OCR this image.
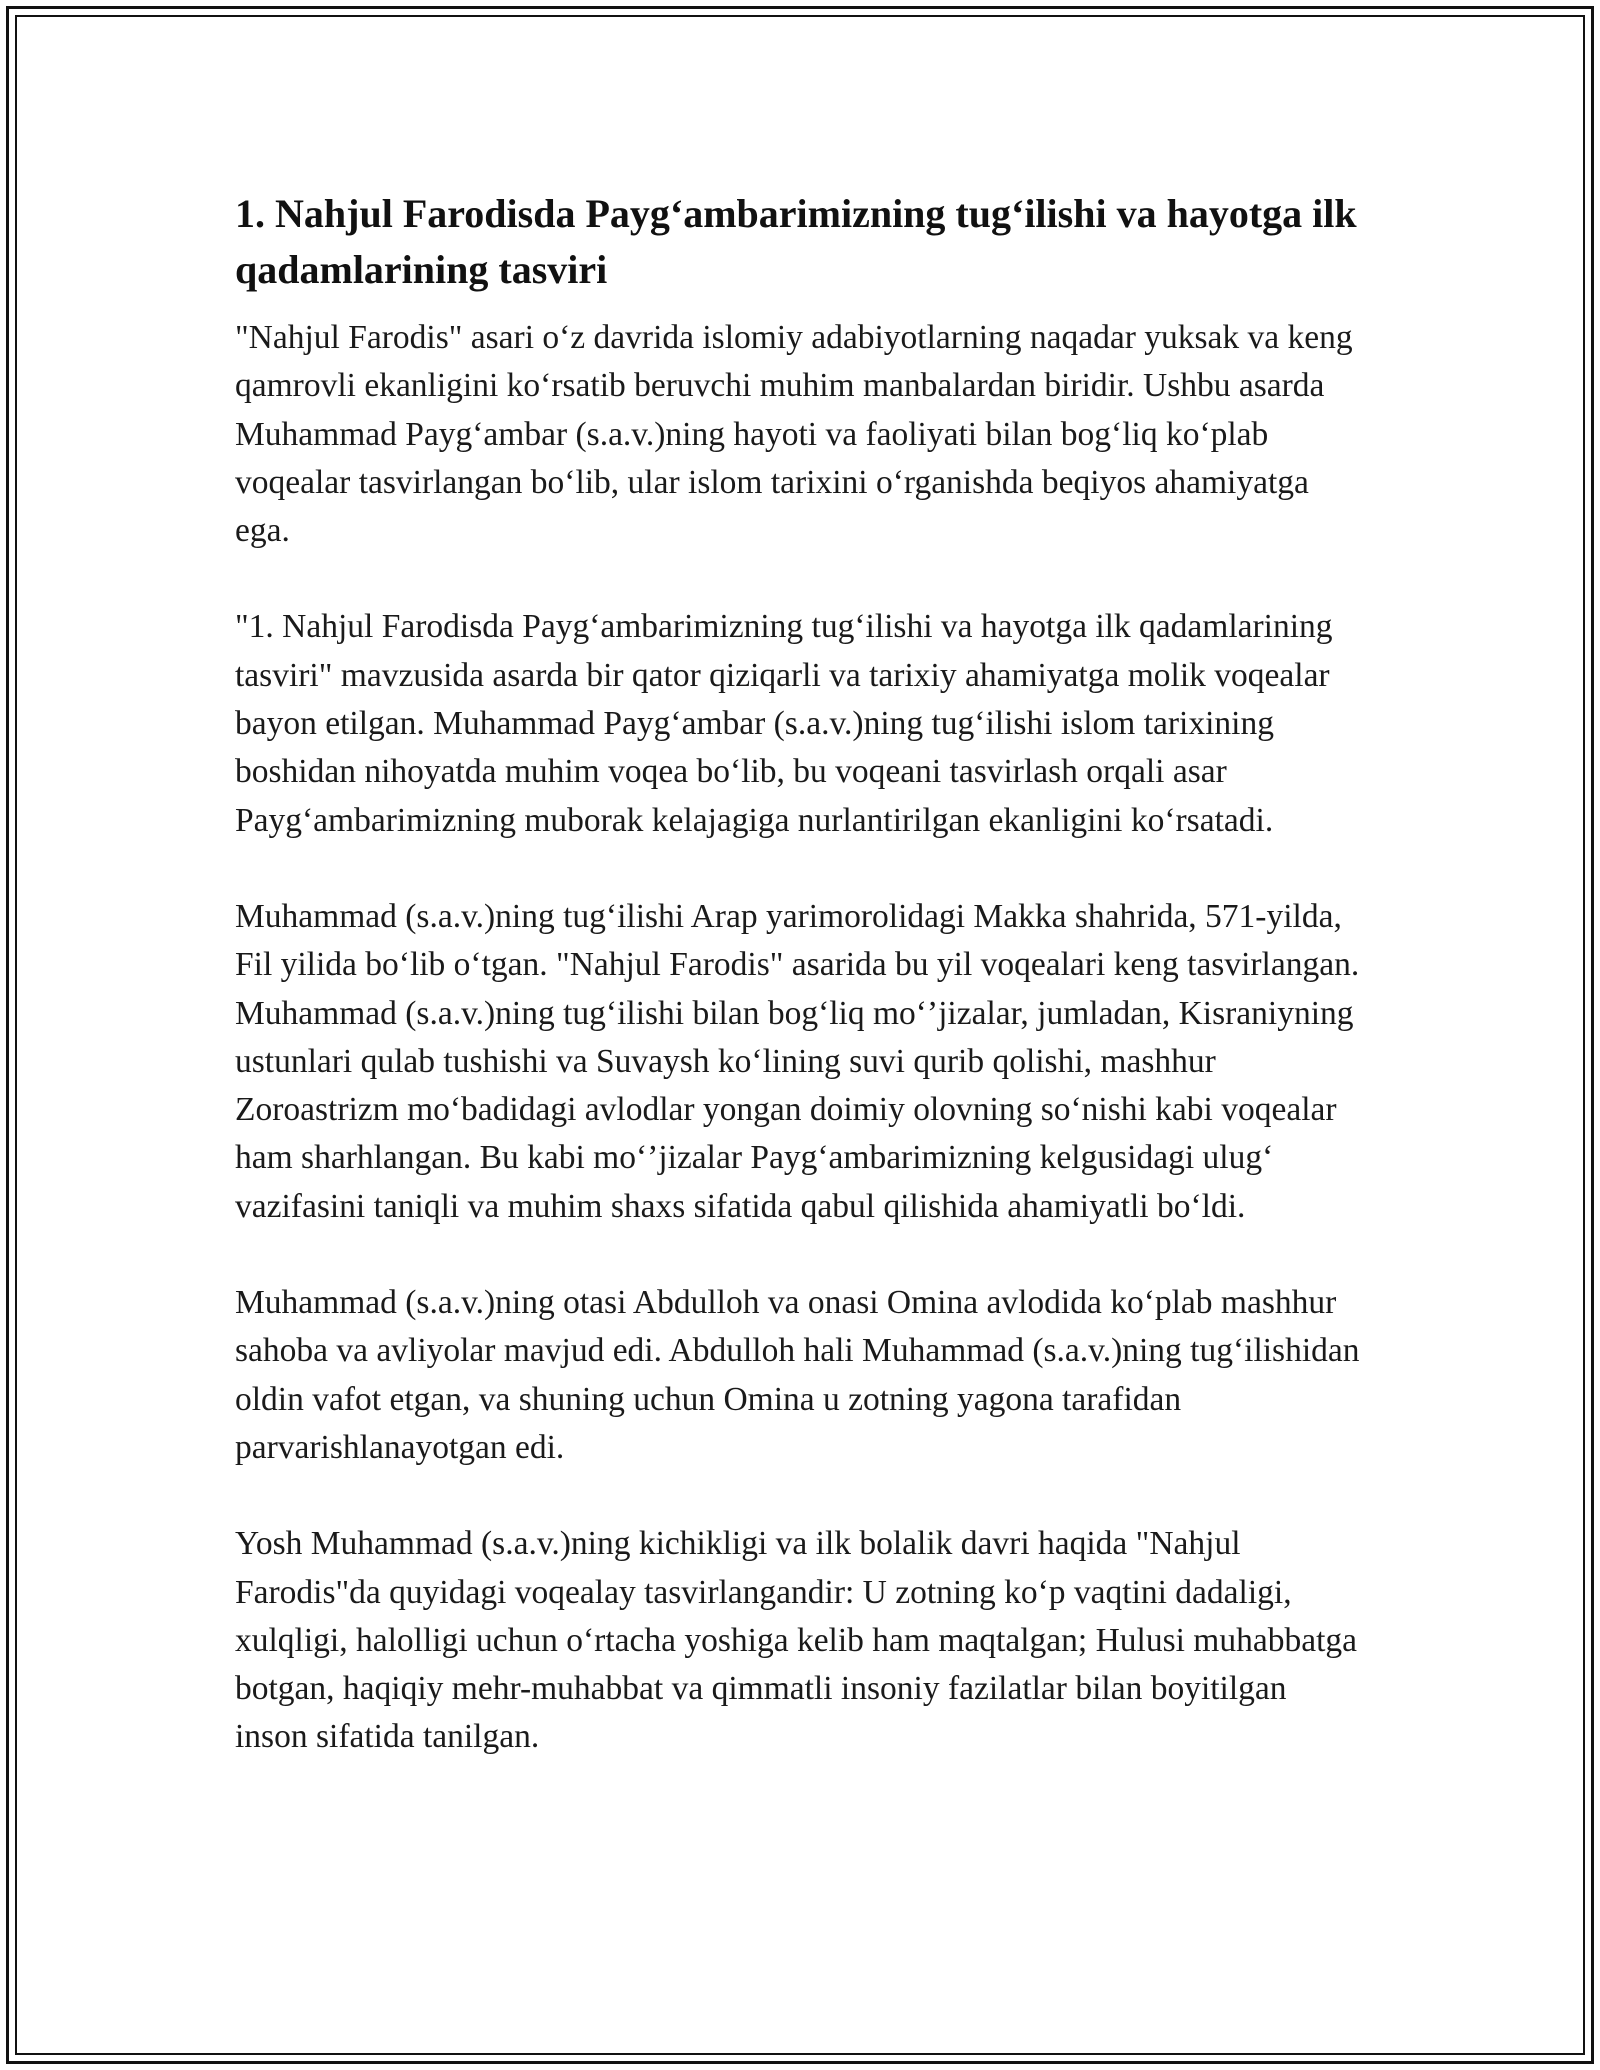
1. Nahjul Farodisda Payg‘ambarimizning tug‘ilishi va hayotga ilk qadamlarining tasviri

"Nahjul Farodis" asari o‘z davrida islomiy adabiyotlarning naqadar yuksak va keng qamrovli ekanligini ko‘rsatib beruvchi muhim manbalardan biridir. Ushbu asarda Muhammad Payg‘ambar (s.a.v.)ning hayoti va faoliyati bilan bog‘liq ko‘plab voqealar tasvirlangan bo‘lib, ular islom tarixini o‘rganishda beqiyos ahamiyatga ega.

"1. Nahjul Farodisda Payg‘ambarimizning tug‘ilishi va hayotga ilk qadamlarining tasviri" mavzusida asarda bir qator qiziqarli va tarixiy ahamiyatga molik voqealar bayon etilgan. Muhammad Payg‘ambar (s.a.v.)ning tug‘ilishi islom tarixining boshidan nihoyatda muhim voqea bo‘lib, bu voqeani tasvirlash orqali asar Payg‘ambarimizning muborak kelajagiga nurlantirilgan ekanligini ko‘rsatadi.

Muhammad (s.a.v.)ning tug‘ilishi Arap yarimorolidagi Makka shahrida, 571-yilda, Fil yilida bo‘lib o‘tgan. "Nahjul Farodis" asarida bu yil voqealari keng tasvirlangan. Muhammad (s.a.v.)ning tug‘ilishi bilan bog‘liq mo‘’jizalar, jumladan, Kisraniyning ustunlari qulab tushishi va Suvaysh ko‘lining suvi qurib qolishi, mashhur Zoroastrizm mo‘badidagi avlodlar yongan doimiy olovning so‘nishi kabi voqealar ham sharhlangan. Bu kabi mo‘’jizalar Payg‘ambarimizning kelgusidagi ulug‘ vazifasini taniqli va muhim shaxs sifatida qabul qilishida ahamiyatli bo‘ldi.

Muhammad (s.a.v.)ning otasi Abdulloh va onasi Omina avlodida ko‘plab mashhur sahoba va avliyolar mavjud edi. Abdulloh hali Muhammad (s.a.v.)ning tug‘ilishidan oldin vafot etgan, va shuning uchun Omina u zotning yagona tarafidan parvarishlanayotgan edi.

Yosh Muhammad (s.a.v.)ning kichikligi va ilk bolalik davri haqida "Nahjul Farodis"da quyidagi voqealay tasvirlangandir: U zotning ko‘p vaqtini dadaligi, xulqligi, halolligi uchun o‘rtacha yoshiga kelib ham maqtalgan; Hulusi muhabbatga botgan, haqiqiy mehr-muhabbat va qimmatli insoniy fazilatlar bilan boyitilgan inson sifatida tanilgan.
